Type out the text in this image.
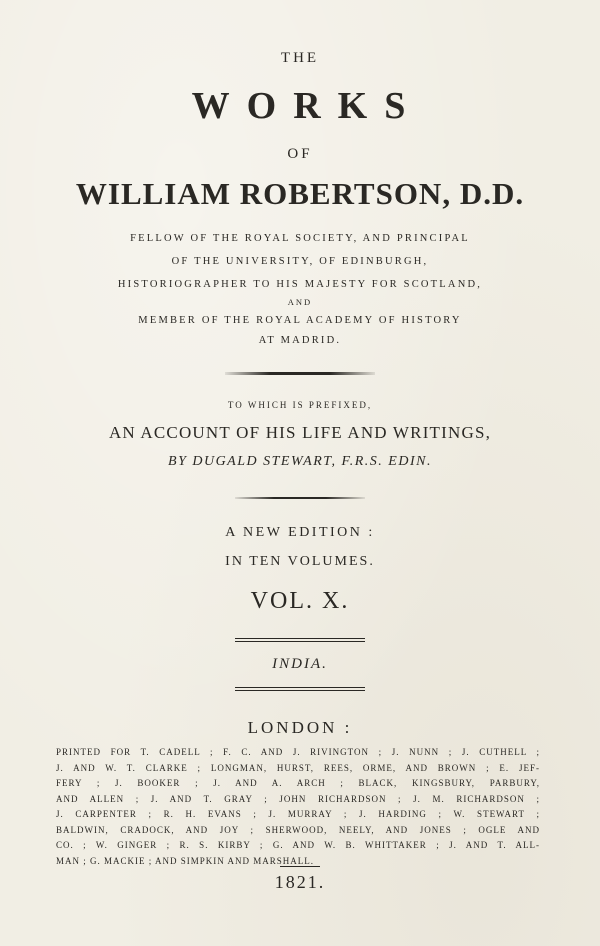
THE

WORKS

OF

WILLIAM ROBERTSON, D.D.

FELLOW OF THE ROYAL SOCIETY, AND PRINCIPAL

OF THE UNIVERSITY, OF EDINBURGH,

HISTORIOGRAPHER TO HIS MAJESTY FOR SCOTLAND,

AND

MEMBER OF THE ROYAL ACADEMY OF HISTORY

AT MADRID.

TO WHICH IS PREFIXED,

AN ACCOUNT OF HIS LIFE AND WRITINGS,

BY DUGALD STEWART, F.R.S. EDIN.

A NEW EDITION :

IN TEN VOLUMES.

VOL. X.

INDIA.

LONDON :

PRINTED FOR T. CADELL ; F. C. AND J. RIVINGTON ; J. NUNN ; J. CUTHELL ;
J. AND W. T. CLARKE ; LONGMAN, HURST, REES, ORME, AND BROWN ; E. JEF-
FERY ; J. BOOKER ; J. AND A. ARCH ; BLACK, KINGSBURY, PARBURY,
AND ALLEN ; J. AND T. GRAY ; JOHN RICHARDSON ; J. M. RICHARDSON ;
J. CARPENTER ; R. H. EVANS ; J. MURRAY ; J. HARDING ; W. STEWART ;
BALDWIN, CRADOCK, AND JOY ; SHERWOOD, NEELY, AND JONES ; OGLE AND
CO. ; W. GINGER ; R. S. KIRBY ; G. AND W. B. WHITTAKER ; J. AND T. ALL-
MAN ; G. MACKIE ; AND SIMPKIN AND MARSHALL.

1821.
